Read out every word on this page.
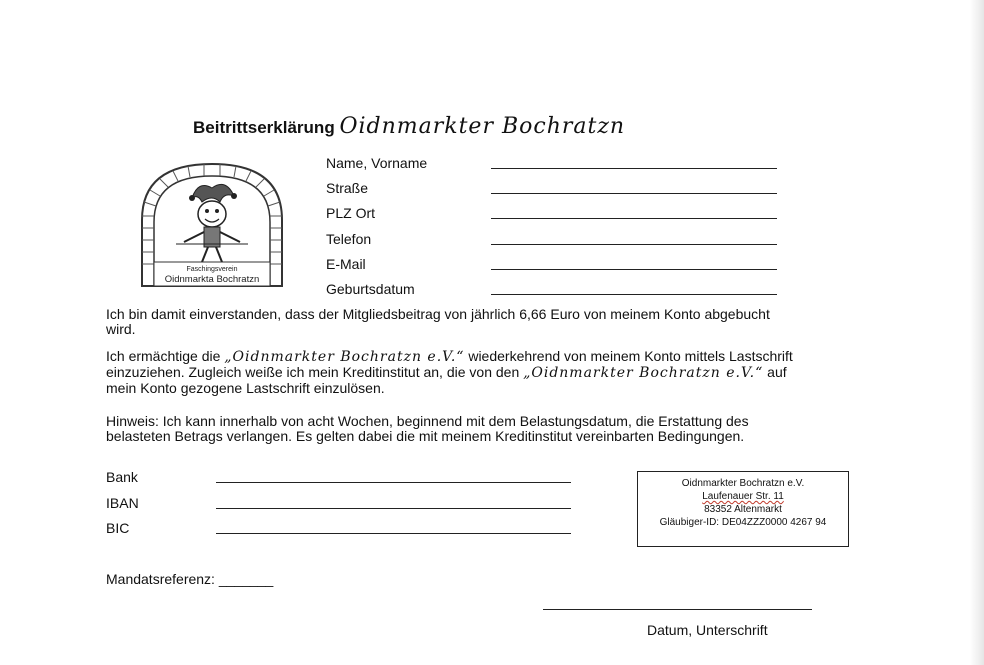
Beitrittserklärung Oidnmarkter Bochratzn
Faschingsverein
Oidnmarkta Bochratzn
Name, Vorname
Straße
PLZ Ort
Telefon
E-Mail
Geburtsdatum
Ich bin damit einverstanden, dass der Mitgliedsbeitrag von jährlich 6,66 Euro von meinem Konto abgebucht wird.
Ich ermächtige die „Oidnmarkter Bochratzn e.V.“ wiederkehrend von meinem Konto mittels Lastschrift einzuziehen. Zugleich weiße ich mein Kreditinstitut an, die von den „Oidnmarkter Bochratzn e.V.“ auf mein Konto gezogene Lastschrift einzulösen.
Hinweis: Ich kann innerhalb von acht Wochen, beginnend mit dem Belastungsdatum, die Erstattung des belasteten Betrags verlangen. Es gelten dabei die mit meinem Kreditinstitut vereinbarten Bedingungen.
Bank
IBAN
BIC
Oidnmarkter Bochratzn e.V.
Laufenauer Str. 11
83352 Altenmarkt
Gläubiger-ID: DE04ZZZ0000 4267 94
Mandatsreferenz: _______
Datum, Unterschrift
